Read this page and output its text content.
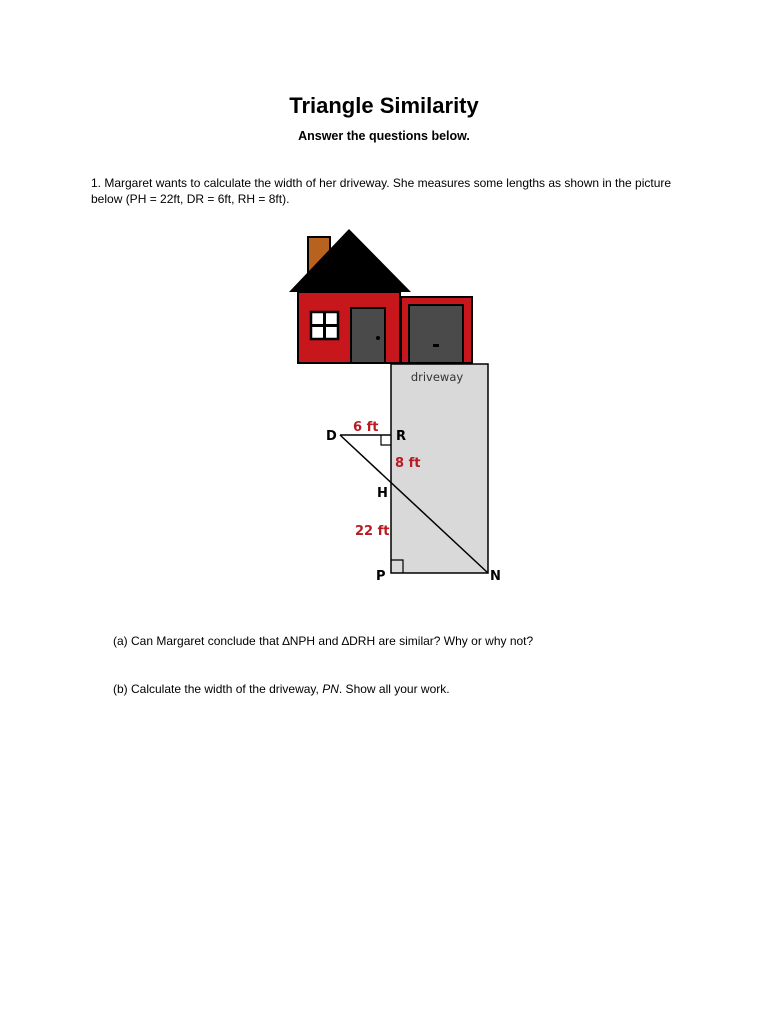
Triangle Similarity
Answer the questions below.
1. Margaret wants to calculate the width of her driveway. She measures some lengths as shown in the picture below (PH = 22ft, DR = 6ft, RH = 8ft).
driveway
D	R
H
P	N
6 ft
8 ft
22 ft
(a) Can Margaret conclude that ∆NPH and ∆DRH are similar? Why or why not?
(b) Calculate the width of the driveway, PN. Show all your work.
